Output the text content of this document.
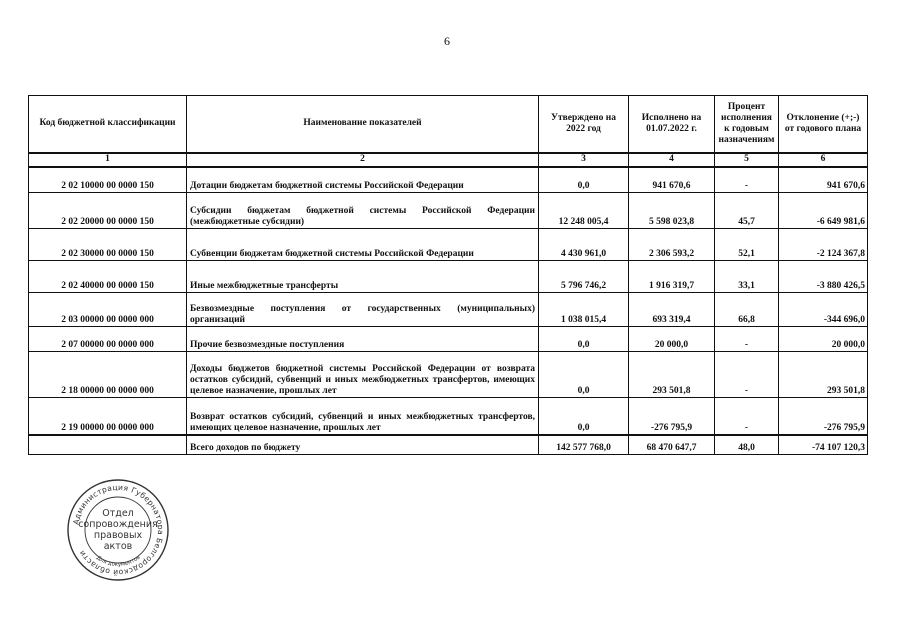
6
Код бюджетной классификации	Наименование показателей	Утверждено на 2022 год	Исполнено на 01.07.2022 г.	Процент исполнения к годовым назначениям	Отклонение (+;-) от годового плана
1	2	3	4	5	6
2 02 10000 00 0000 150	Дотации бюджетам бюджетной системы Российской Федерации	0,0	941 670,6	-	941 670,6
2 02 20000 00 0000 150	Субсидии бюджетам бюджетной системы Российской Федерации (межбюджетные субсидии)	12 248 005,4	5 598 023,8	45,7	-6 649 981,6
2 02 30000 00 0000 150	Субвенции бюджетам бюджетной системы Российской Федерации	4 430 961,0	2 306 593,2	52,1	-2 124 367,8
2 02 40000 00 0000 150	Иные межбюджетные трансферты	5 796 746,2	1 916 319,7	33,1	-3 880 426,5
2 03 00000 00 0000 000	Безвозмездные поступления от государственных (муниципальных) организаций	1 038 015,4	693 319,4	66,8	-344 696,0
2 07 00000 00 0000 000	Прочие безвозмездные поступления	0,0	20 000,0	-	20 000,0
2 18 00000 00 0000 000	Доходы бюджетов бюджетной системы Российской Федерации от возврата остатков субсидий, субвенций и иных межбюджетных трансфертов, имеющих целевое назначение, прошлых лет	0,0	293 501,8	-	293 501,8
2 19 00000 00 0000 000	Возврат остатков субсидий, субвенций и иных межбюджетных трансфертов, имеющих целевое назначение, прошлых лет	0,0	-276 795,9	-	-276 795,9
	Всего доходов по бюджету	142 577 768,0	68 470 647,7	48,0	-74 107 120,3
Администрация Губернатора Белгородской области
Для документов
Отдел
сопровождения
правовых
актов
